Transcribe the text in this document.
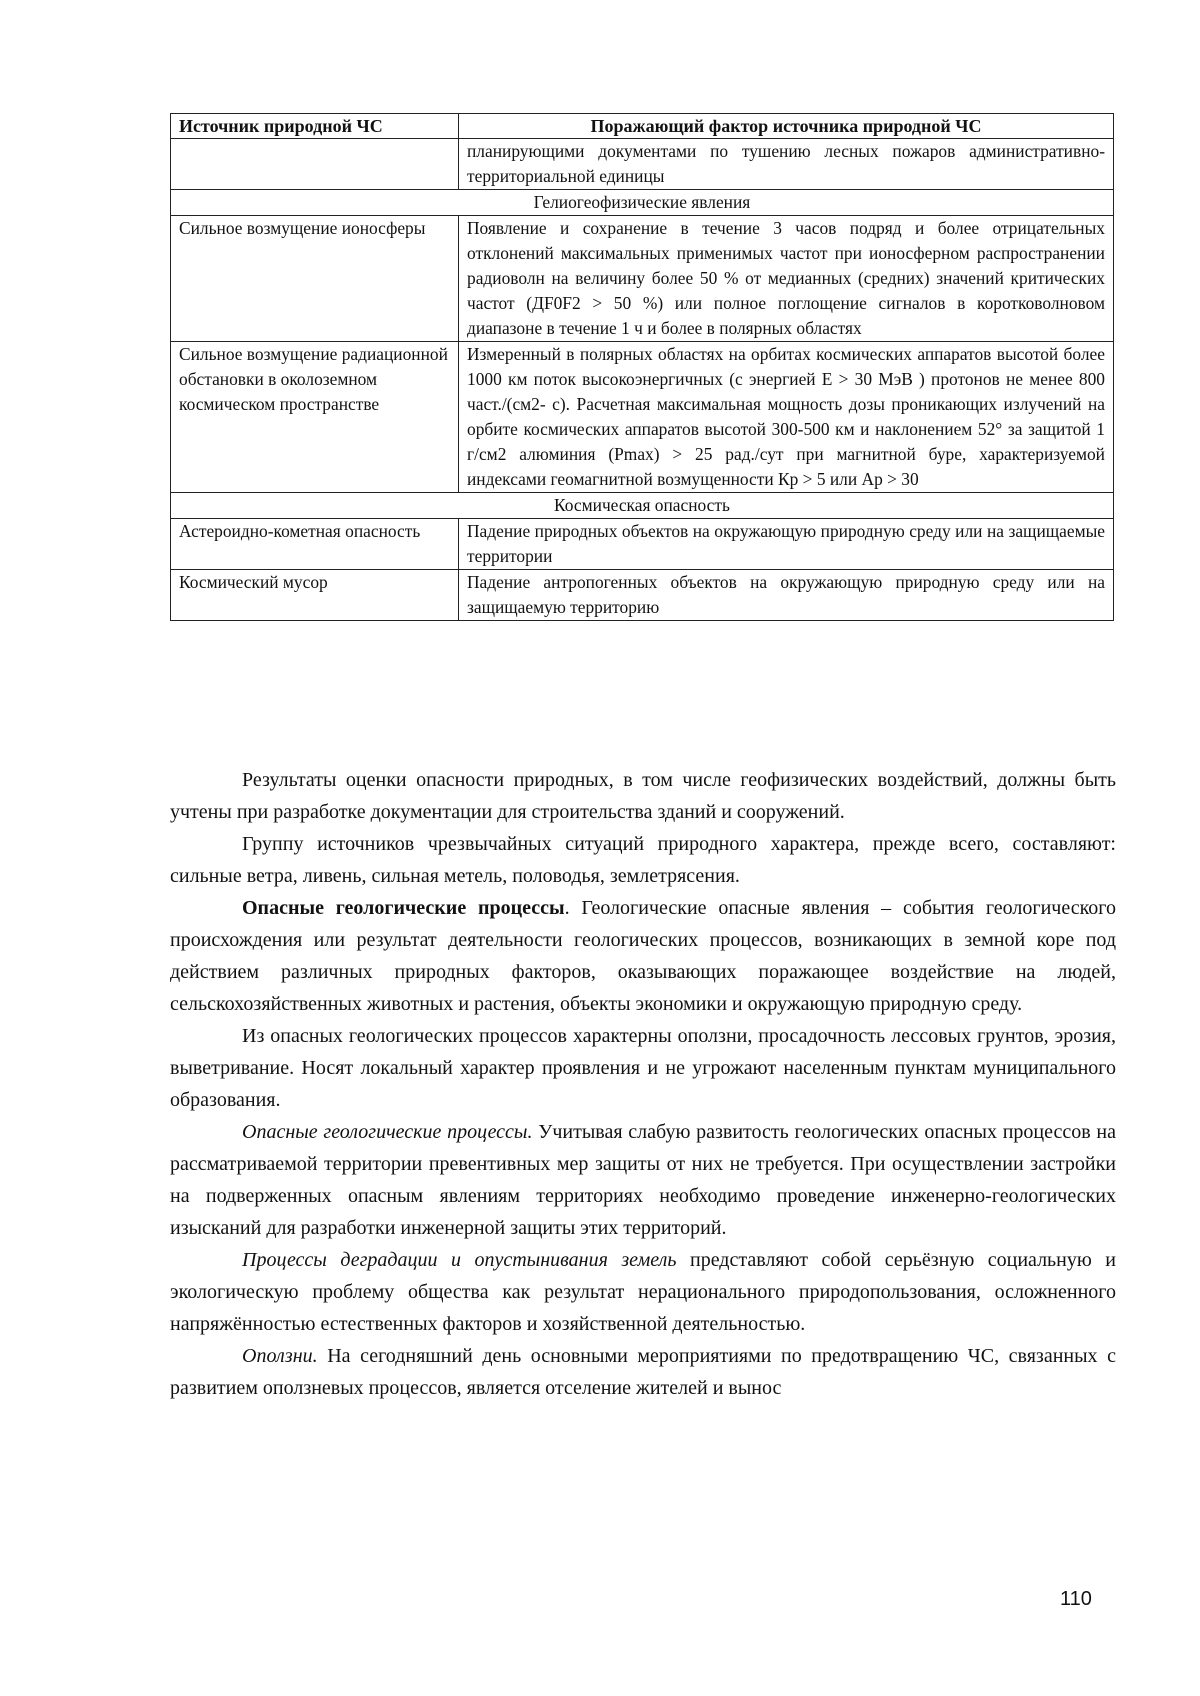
Источник природной ЧС	Поражающий фактор источника природной ЧС
	планирующими документами по тушению лесных пожаров административно-территориальной единицы
Гелиогеофизические явления	
Сильное возмущение ионосферы	Появление и сохранение в течение 3 часов подряд и более отрицательных отклонений максимальных применимых частот при ионосферном распространении радиоволн на величину более 50 % от медианных (средних) значений критических частот (ДF0F2 > 50 %) или полное поглощение сигналов в коротковолновом диапазоне в течение 1 ч и более в полярных областях
Сильное возмущение радиационной обстановки в околоземном космическом пространстве	Измеренный в полярных областях на орбитах космических аппаратов высотой более 1000 км поток высокоэнергичных (с энергией Е > 30 МэВ ) протонов не менее 800 част./(см2- с). Расчетная максимальная мощность дозы проникающих излучений на орбите космических аппаратов высотой 300-500 км и наклонением 52° за защитой 1 г/см2 алюминия (Pmax) > 25 рад./сут при магнитной буре, характеризуемой индексами геомагнитной возмущенности Кр > 5 или Ар > 30
Космическая опасность	
Астероидно-кометная опасность	Падение природных объектов на окружающую природную среду или на защищаемые территории
Космический мусор	Падение антропогенных объектов на окружающую природную среду или на защищаемую территорию

Результаты оценки опасности природных, в том числе геофизических воздействий, должны быть учтены при разработке документации для строительства зданий и сооружений.

Группу источников чрезвычайных ситуаций природного характера, прежде всего, составляют: сильные ветра, ливень, сильная метель, половодья, землетрясения.

Опасные геологические процессы. Геологические опасные явления – события геологического происхождения или результат деятельности геологических процессов, возникающих в земной коре под действием различных природных факторов, оказывающих поражающее воздействие на людей, сельскохозяйственных животных и растения, объекты экономики и окружающую природную среду.

Из опасных геологических процессов характерны оползни, просадочность лессовых грунтов, эрозия, выветривание. Носят локальный характер проявления и не угрожают населенным пунктам муниципального образования.

Опасные геологические процессы. Учитывая слабую развитость геологических опасных процессов на рассматриваемой территории превентивных мер защиты от них не требуется. При осуществлении застройки на подверженных опасным явлениям территориях необходимо проведение инженерно-геологических изысканий для разработки инженерной защиты этих территорий.

Процессы деградации и опустынивания земель представляют собой серьёзную социальную и экологическую проблему общества как результат нерационального природопользования, осложненного напряжённостью естественных факторов и хозяйственной деятельностью.

Оползни. На сегодняшний день основными мероприятиями по предотвращению ЧС, связанных с развитием оползневых процессов, является отселение жителей и вынос

110
